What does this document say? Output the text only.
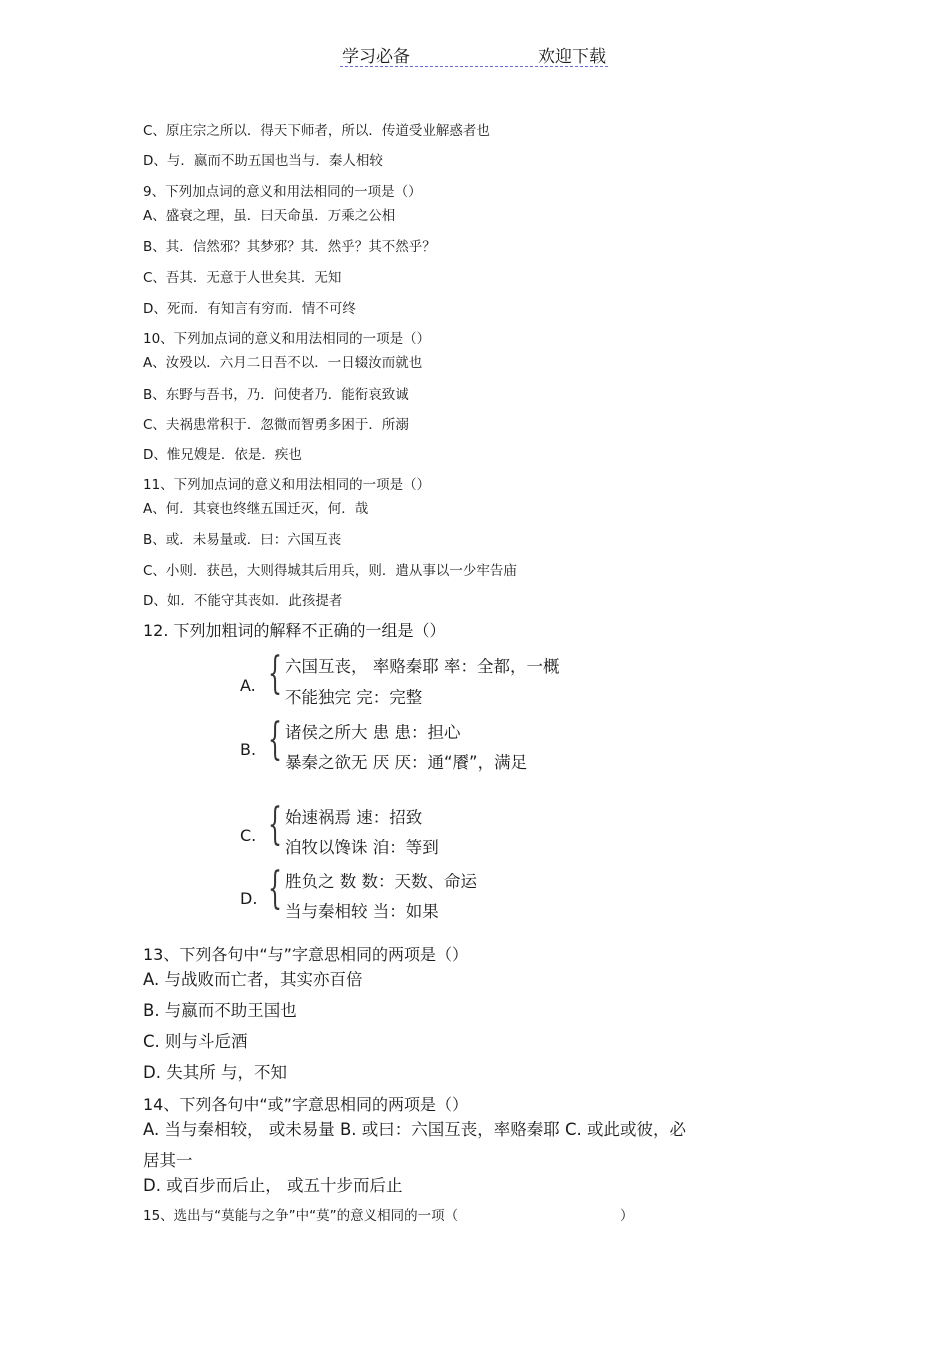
学习必备	欢迎下载
C、原庄宗之所以．得天下师者，所以．传道受业解惑者也
D、与．嬴而不助五国也当与．秦人相较
9、下列加点词的意义和用法相同的一项是（）
A、盛衰之理，虽．曰天命虽．万乘之公相
B、其．信然邪？其梦邪？其．然乎？其不然乎？
C、吾其．无意于人世矣其．无知
D、死而．有知言有穷而．情不可终
10、下列加点词的意义和用法相同的一项是（）
A、汝殁以．六月二日吾不以．一日辍汝而就也
B、东野与吾书，乃．问使者乃．能衔哀致诚
C、夫祸患常积于．忽微而智勇多困于．所溺
D、惟兄嫂是．依是．疾也
11、下列加点词的意义和用法相同的一项是（）
A、何．其衰也终继五国迁灭，何．哉
B、或．未易量或．曰：六国互丧
C、小则．获邑，大则得城其后用兵，则．遣从事以一少牢告庙
D、如．不能守其丧如．此孩提者
12. 下列加粗词的解释不正确的一组是（）
A. { 六国互丧， 率赂秦耶 率：全都，一概
不能独完 完：完整
B. { 诸侯之所大 患 患：担心
暴秦之欲无 厌 厌：通“餍”，满足
C. { 始速祸焉 速：招致
洎牧以馋诛 洎：等到
D. { 胜负之 数 数：天数、命运
当与秦相较 当：如果
13、下列各句中“与”字意思相同的两项是（）
A. 与战败而亡者，其实亦百倍
B. 与嬴而不助王国也
C. 则与斗卮酒
D. 失其所 与，不知
14、下列各句中“或”字意思相同的两项是（）
A. 当与秦相较， 或未易量 B. 或曰：六国互丧，率赂秦耶 C. 或此或彼，必
居其一
D. 或百步而后止， 或五十步而后止
15、选出与“莫能与之争”中“莫”的意义相同的一项（	）
